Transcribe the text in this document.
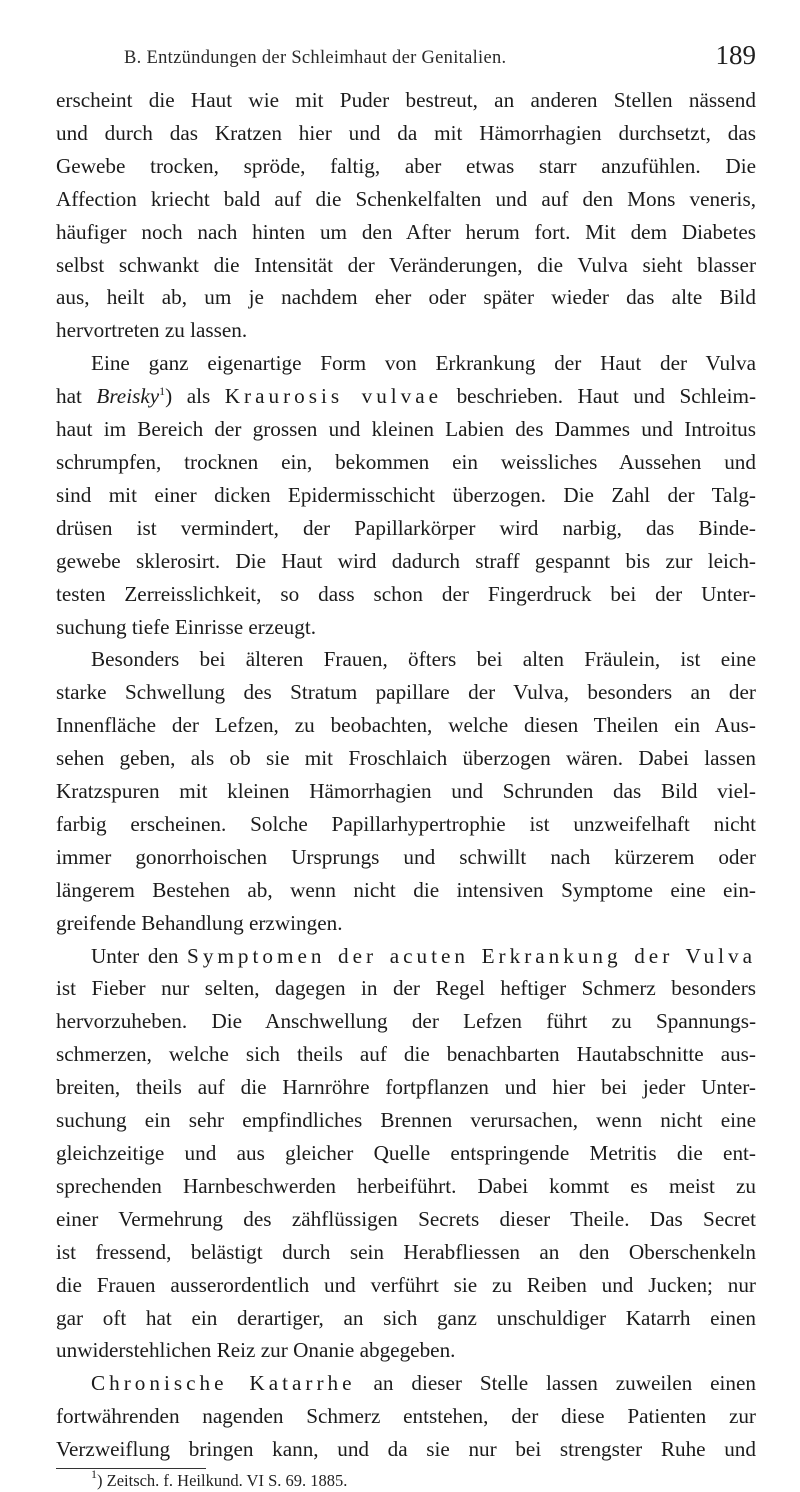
B. Entzündungen der Schleimhaut der Genitalien.	189

erscheint die Haut wie mit Puder bestreut, an anderen Stellen nässend

und durch das Kratzen hier und da mit Hämorrhagien durchsetzt, das

Gewebe trocken, spröde, faltig, aber etwas starr anzufühlen. Die

Affection kriecht bald auf die Schenkelfalten und auf den Mons veneris,

häufiger noch nach hinten um den After herum fort. Mit dem Diabetes

selbst schwankt die Intensität der Veränderungen, die Vulva sieht blasser

aus, heilt ab, um je nachdem eher oder später wieder das alte Bild

hervortreten zu lassen.

Eine ganz eigenartige Form von Erkrankung der Haut der Vulva

hat Breisky$^1$) als Kraurosis vulvae beschrieben. Haut und Schleim-

haut im Bereich der grossen und kleinen Labien des Dammes und Introitus

schrumpfen, trocknen ein, bekommen ein weissliches Aussehen und

sind mit einer dicken Epidermisschicht überzogen. Die Zahl der Talg-

drüsen ist vermindert, der Papillarkörper wird narbig, das Binde-

gewebe sklerosirt. Die Haut wird dadurch straff gespannt bis zur leich-

testen Zerreisslichkeit, so dass schon der Fingerdruck bei der Unter-

suchung tiefe Einrisse erzeugt.

Besonders bei älteren Frauen, öfters bei alten Fräulein, ist eine

starke Schwellung des Stratum papillare der Vulva, besonders an der

Innenfläche der Lefzen, zu beobachten, welche diesen Theilen ein Aus-

sehen geben, als ob sie mit Froschlaich überzogen wären. Dabei lassen

Kratzspuren mit kleinen Hämorrhagien und Schrunden das Bild viel-

farbig erscheinen. Solche Papillarhypertrophie ist unzweifelhaft nicht

immer gonorrhoischen Ursprungs und schwillt nach kürzerem oder

längerem Bestehen ab, wenn nicht die intensiven Symptome eine ein-

greifende Behandlung erzwingen.

Unter den Symptomen der acuten Erkrankung der Vulva

ist Fieber nur selten, dagegen in der Regel heftiger Schmerz besonders

hervorzuheben. Die Anschwellung der Lefzen führt zu Spannungs-

schmerzen, welche sich theils auf die benachbarten Hautabschnitte aus-

breiten, theils auf die Harnröhre fortpflanzen und hier bei jeder Unter-

suchung ein sehr empfindliches Brennen verursachen, wenn nicht eine

gleichzeitige und aus gleicher Quelle entspringende Metritis die ent-

sprechenden Harnbeschwerden herbeiführt. Dabei kommt es meist zu

einer Vermehrung des zähflüssigen Secrets dieser Theile. Das Secret

ist fressend, belästigt durch sein Herabfliessen an den Oberschenkeln

die Frauen ausserordentlich und verführt sie zu Reiben und Jucken; nur

gar oft hat ein derartiger, an sich ganz unschuldiger Katarrh einen

unwiderstehlichen Reiz zur Onanie abgegeben.

Chronische Katarrhe an dieser Stelle lassen zuweilen einen

fortwährenden nagenden Schmerz entstehen, der diese Patienten zur

Verzweiflung bringen kann, und da sie nur bei strengster Ruhe und

$^1$) Zeitsch. f. Heilkund. VI S. 69. 1885.
